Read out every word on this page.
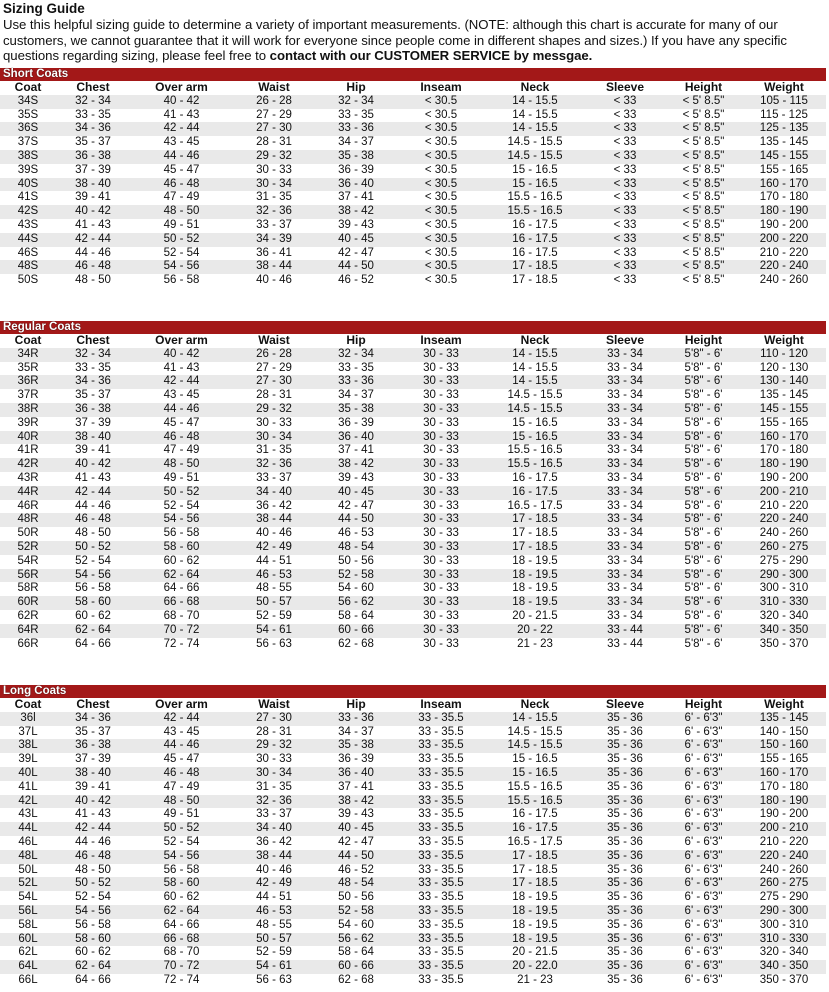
Sizing Guide
Use this helpful sizing guide to determine a variety of important measurements. (NOTE: although this chart is accurate for many of our customers, we cannot guarantee that it will work for everyone since people come in different shapes and sizes.) If you have any specific questions regarding sizing, please feel free to contact with our CUSTOMER SERVICE by messgae.
Short Coats
Coat	Chest	Over arm	Waist	Hip	Inseam	Neck	Sleeve	Height	Weight
34S	32 - 34	40 - 42	26 - 28	32 - 34	< 30.5	14 - 15.5	< 33	< 5' 8.5"	105 - 115
35S	33 - 35	41 - 43	27 - 29	33 - 35	< 30.5	14 - 15.5	< 33	< 5' 8.5"	115 - 125
36S	34 - 36	42 - 44	27 - 30	33 - 36	< 30.5	14 - 15.5	< 33	< 5' 8.5"	125 - 135
37S	35 - 37	43 - 45	28 - 31	34 - 37	< 30.5	14.5 - 15.5	< 33	< 5' 8.5"	135 - 145
38S	36 - 38	44 - 46	29 - 32	35 - 38	< 30.5	14.5 - 15.5	< 33	< 5' 8.5"	145 - 155
39S	37 - 39	45 - 47	30 - 33	36 - 39	< 30.5	15 - 16.5	< 33	< 5' 8.5"	155 - 165
40S	38 - 40	46 - 48	30 - 34	36 - 40	< 30.5	15 - 16.5	< 33	< 5' 8.5"	160 - 170
41S	39 - 41	47 - 49	31 - 35	37 - 41	< 30.5	15.5 - 16.5	< 33	< 5' 8.5"	170 - 180
42S	40 - 42	48 - 50	32 - 36	38 - 42	< 30.5	15.5 - 16.5	< 33	< 5' 8.5"	180 - 190
43S	41 - 43	49 - 51	33 - 37	39 - 43	< 30.5	16 - 17.5	< 33	< 5' 8.5"	190 - 200
44S	42 - 44	50 - 52	34 - 39	40 - 45	< 30.5	16 - 17.5	< 33	< 5' 8.5"	200 - 220
46S	44 - 46	52 - 54	36 - 41	42 - 47	< 30.5	16 - 17.5	< 33	< 5' 8.5"	210 - 220
48S	46 - 48	54 - 56	38 - 44	44 - 50	< 30.5	17 - 18.5	< 33	< 5' 8.5"	220 - 240
50S	48 - 50	56 - 58	40 - 46	46 - 52	< 30.5	17 - 18.5	< 33	< 5' 8.5"	240 - 260
Regular Coats
Coat	Chest	Over arm	Waist	Hip	Inseam	Neck	Sleeve	Height	Weight
34R	32 - 34	40 - 42	26 - 28	32 - 34	30 - 33	14 - 15.5	33 - 34	5'8" - 6'	110 - 120
35R	33 - 35	41 - 43	27 - 29	33 - 35	30 - 33	14 - 15.5	33 - 34	5'8" - 6'	120 - 130
36R	34 - 36	42 - 44	27 - 30	33 - 36	30 - 33	14 - 15.5	33 - 34	5'8" - 6'	130 - 140
37R	35 - 37	43 - 45	28 - 31	34 - 37	30 - 33	14.5 - 15.5	33 - 34	5'8" - 6'	135 - 145
38R	36 - 38	44 - 46	29 - 32	35 - 38	30 - 33	14.5 - 15.5	33 - 34	5'8" - 6'	145 - 155
39R	37 - 39	45 - 47	30 - 33	36 - 39	30 - 33	15 - 16.5	33 - 34	5'8" - 6'	155 - 165
40R	38 - 40	46 - 48	30 - 34	36 - 40	30 - 33	15 - 16.5	33 - 34	5'8" - 6'	160 - 170
41R	39 - 41	47 - 49	31 - 35	37 - 41	30 - 33	15.5 - 16.5	33 - 34	5'8" - 6'	170 - 180
42R	40 - 42	48 - 50	32 - 36	38 - 42	30 - 33	15.5 - 16.5	33 - 34	5'8" - 6'	180 - 190
43R	41 - 43	49 - 51	33 - 37	39 - 43	30 - 33	16 - 17.5	33 - 34	5'8" - 6'	190 - 200
44R	42 - 44	50 - 52	34 - 40	40 - 45	30 - 33	16 - 17.5	33 - 34	5'8" - 6'	200 - 210
46R	44 - 46	52 - 54	36 - 42	42 - 47	30 - 33	16.5 - 17.5	33 - 34	5'8" - 6'	210 - 220
48R	46 - 48	54 - 56	38 - 44	44 - 50	30 - 33	17 - 18.5	33 - 34	5'8" - 6'	220 - 240
50R	48 - 50	56 - 58	40 - 46	46 - 53	30 - 33	17 - 18.5	33 - 34	5'8" - 6'	240 - 260
52R	50 - 52	58 - 60	42 - 49	48 - 54	30 - 33	17 - 18.5	33 - 34	5'8" - 6'	260 - 275
54R	52 - 54	60 - 62	44 - 51	50 - 56	30 - 33	18 - 19.5	33 - 34	5'8" - 6'	275 - 290
56R	54 - 56	62 - 64	46 - 53	52 - 58	30 - 33	18 - 19.5	33 - 34	5'8" - 6'	290 - 300
58R	56 - 58	64 - 66	48 - 55	54 - 60	30 - 33	18 - 19.5	33 - 34	5'8" - 6'	300 - 310
60R	58 - 60	66 - 68	50 - 57	56 - 62	30 - 33	18 - 19.5	33 - 34	5'8" - 6'	310 - 330
62R	60 - 62	68 - 70	52 - 59	58 - 64	30 - 33	20 - 21.5	33 - 34	5'8" - 6'	320 - 340
64R	62 - 64	70 - 72	54 - 61	60 - 66	30 - 33	20 - 22	33 - 44	5'8" - 6'	340 - 350
66R	64 - 66	72 - 74	56 - 63	62 - 68	30 - 33	21 - 23	33 - 44	5'8" - 6'	350 - 370
Long Coats
Coat	Chest	Over arm	Waist	Hip	Inseam	Neck	Sleeve	Height	Weight
36l	34 - 36	42 - 44	27 - 30	33 - 36	33 - 35.5	14 - 15.5	35 - 36	6' - 6'3"	135 - 145
37L	35 - 37	43 - 45	28 - 31	34 - 37	33 - 35.5	14.5 - 15.5	35 - 36	6' - 6'3"	140 - 150
38L	36 - 38	44 - 46	29 - 32	35 - 38	33 - 35.5	14.5 - 15.5	35 - 36	6' - 6'3"	150 - 160
39L	37 - 39	45 - 47	30 - 33	36 - 39	33 - 35.5	15 - 16.5	35 - 36	6' - 6'3"	155 - 165
40L	38 - 40	46 - 48	30 - 34	36 - 40	33 - 35.5	15 - 16.5	35 - 36	6' - 6'3"	160 - 170
41L	39 - 41	47 - 49	31 - 35	37 - 41	33 - 35.5	15.5 - 16.5	35 - 36	6' - 6'3"	170 - 180
42L	40 - 42	48 - 50	32 - 36	38 - 42	33 - 35.5	15.5 - 16.5	35 - 36	6' - 6'3"	180 - 190
43L	41 - 43	49 - 51	33 - 37	39 - 43	33 - 35.5	16 - 17.5	35 - 36	6' - 6'3"	190 - 200
44L	42 - 44	50 - 52	34 - 40	40 - 45	33 - 35.5	16 - 17.5	35 - 36	6' - 6'3"	200 - 210
46L	44 - 46	52 - 54	36 - 42	42 - 47	33 - 35.5	16.5 - 17.5	35 - 36	6' - 6'3"	210 - 220
48L	46 - 48	54 - 56	38 - 44	44 - 50	33 - 35.5	17 - 18.5	35 - 36	6' - 6'3"	220 - 240
50L	48 - 50	56 - 58	40 - 46	46 - 52	33 - 35.5	17 - 18.5	35 - 36	6' - 6'3"	240 - 260
52L	50 - 52	58 - 60	42 - 49	48 - 54	33 - 35.5	17 - 18.5	35 - 36	6' - 6'3"	260 - 275
54L	52 - 54	60 - 62	44 - 51	50 - 56	33 - 35.5	18 - 19.5	35 - 36	6' - 6'3"	275 - 290
56L	54 - 56	62 - 64	46 - 53	52 - 58	33 - 35.5	18 - 19.5	35 - 36	6' - 6'3"	290 - 300
58L	56 - 58	64 - 66	48 - 55	54 - 60	33 - 35.5	18 - 19.5	35 - 36	6' - 6'3"	300 - 310
60L	58 - 60	66 - 68	50 - 57	56 - 62	33 - 35.5	18 - 19.5	35 - 36	6' - 6'3"	310 - 330
62L	60 - 62	68 - 70	52 - 59	58 - 64	33 - 35.5	20 - 21.5	35 - 36	6' - 6'3"	320 - 340
64L	62 - 64	70 - 72	54 - 61	60 - 66	33 - 35.5	20 - 22.0	35 - 36	6' - 6'3"	340 - 350
66L	64 - 66	72 - 74	56 - 63	62 - 68	33 - 35.5	21 - 23	35 - 36	6' - 6'3"	350 - 370
